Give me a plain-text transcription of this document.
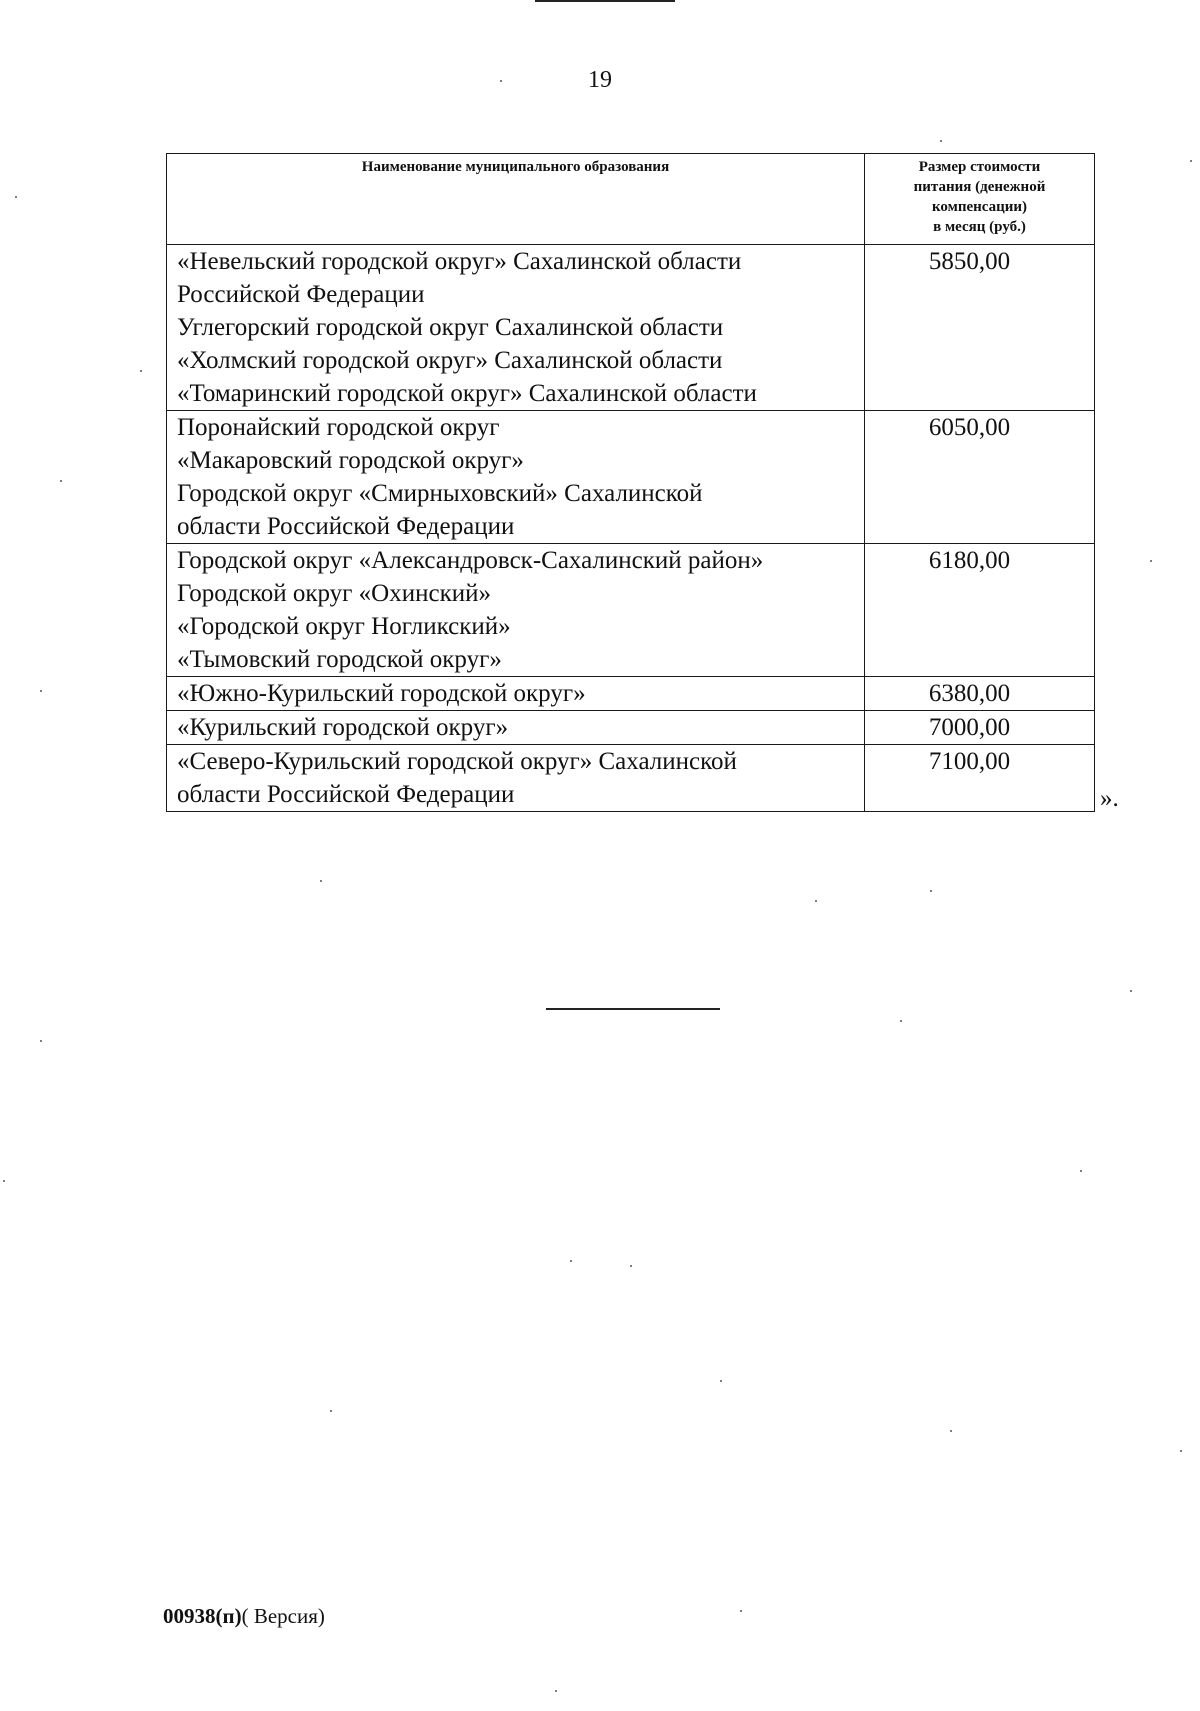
19
Наименование муниципального образования	Размер стоимости
питания (денежной
компенсации)
в месяц (руб.)

«Невельский городской округ» Сахалинской области
Российской Федерации
Углегорский городской округ Сахалинской области
«Холмский городской округ» Сахалинской области
«Томаринский городской округ» Сахалинской области	5850,00

Поронайский городской округ
«Макаровский городской округ»
Городской округ «Смирныховский» Сахалинской
области Российской Федерации	6050,00

Городской округ «Александровск-Сахалинский район»
Городской округ «Охинский»
«Городской округ Ногликский»
«Тымовский городской округ»	6180,00

«Южно-Курильский городской округ»	6380,00

«Курильский городской округ»	7000,00

«Северо-Курильский городской округ» Сахалинской
области Российской Федерации	7100,00
».
00938(п)( Версия)
